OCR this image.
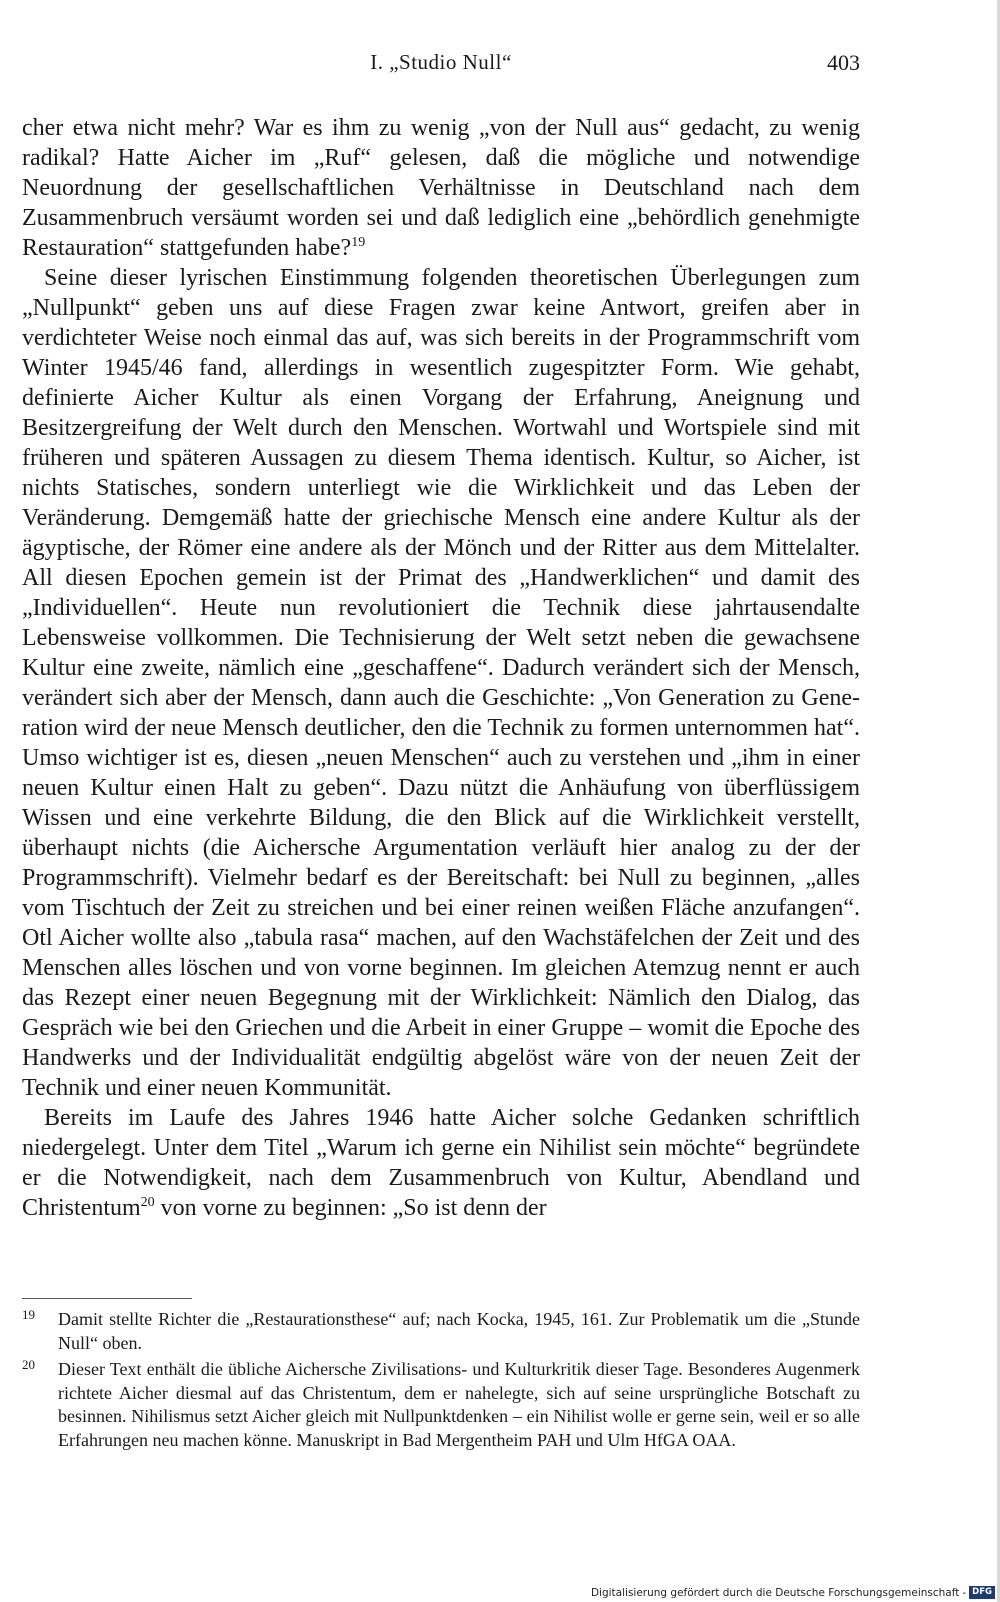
I. „Studio Null“	403

cher etwa nicht mehr? War es ihm zu wenig „von der Null aus“ gedacht, zu wenig radikal? Hatte Aicher im „Ruf“ gelesen, daß die mögliche und notwendige Neuordnung der gesellschaftlichen Verhältnisse in Deutschland nach dem Zusammenbruch versäumt worden sei und daß lediglich eine „behördlich genehmigte Restauration“ stattgefunden habe?$^{19}$

Seine dieser lyrischen Einstimmung folgenden theoretischen Überlegungen zum „Nullpunkt“ geben uns auf diese Fragen zwar keine Antwort, greifen aber in verdichteter Weise noch einmal das auf, was sich bereits in der Programmschrift vom Winter 1945/46 fand, allerdings in wesentlich zugespitzter Form. Wie gehabt, definierte Aicher Kultur als einen Vorgang der Erfahrung, Aneignung und Besitzergreifung der Welt durch den Menschen. Wortwahl und Wortspiele sind mit früheren und späteren Aussagen zu diesem Thema identisch. Kultur, so Aicher, ist nichts Statisches, sondern unterliegt wie die Wirklichkeit und das Leben der Veränderung. Demgemäß hatte der griechische Mensch eine andere Kultur als der ägyptische, der Römer eine andere als der Mönch und der Ritter aus dem Mittelalter. All diesen Epochen gemein ist der Primat des „Handwerklichen“ und damit des „Individuellen“. Heute nun revolutioniert die Technik diese jahrtausendalte Lebensweise vollkommen. Die Technisierung der Welt setzt neben die gewachsene Kultur eine zweite, nämlich eine „geschaffene“. Dadurch verändert sich der Mensch, verändert sich aber der Mensch, dann auch die Geschichte: „Von Generation zu Generation wird der neue Mensch deutlicher, den die Technik zu formen unternommen hat“. Umso wichtiger ist es, diesen „neuen Menschen“ auch zu verstehen und „ihm in einer neuen Kultur einen Halt zu geben“. Dazu nützt die Anhäufung von überflüssigem Wissen und eine verkehrte Bildung, die den Blick auf die Wirklichkeit verstellt, überhaupt nichts (die Aichersche Argumentation verläuft hier analog zu der der Programmschrift). Vielmehr bedarf es der Bereitschaft: bei Null zu beginnen, „alles vom Tischtuch der Zeit zu streichen und bei einer reinen weißen Fläche anzufangen“. Otl Aicher wollte also „tabula rasa“ machen, auf den Wachstäfelchen der Zeit und des Menschen alles löschen und von vorne beginnen. Im gleichen Atemzug nennt er auch das Rezept einer neuen Begegnung mit der Wirklichkeit: Nämlich den Dialog, das Gespräch wie bei den Griechen und die Arbeit in einer Gruppe – womit die Epoche des Handwerks und der Individualität endgültig abgelöst wäre von der neuen Zeit der Technik und einer neuen Kommunität.

Bereits im Laufe des Jahres 1946 hatte Aicher solche Gedanken schriftlich niedergelegt. Unter dem Titel „Warum ich gerne ein Nihilist sein möchte“ begründete er die Notwendigkeit, nach dem Zusammenbruch von Kultur, Abendland und Christentum$^{20}$ von vorne zu beginnen: „So ist denn der

19 Damit stellte Richter die „Restaurationsthese“ auf; nach Kocka, 1945, 161. Zur Problematik um die „Stunde Null“ oben.

20 Dieser Text enthält die übliche Aichersche Zivilisations- und Kulturkritik dieser Tage. Besonderes Augenmerk richtete Aicher diesmal auf das Christentum, dem er nahelegte, sich auf seine ursprüngliche Botschaft zu besinnen. Nihilismus setzt Aicher gleich mit Nullpunktdenken – ein Nihilist wolle er gerne sein, weil er so alle Erfahrungen neu machen könne. Manuskript in Bad Mergentheim PAH und Ulm HfGA OAA.

Digitalisierung gefördert durch die Deutsche Forschungsgemeinschaft - DFG
